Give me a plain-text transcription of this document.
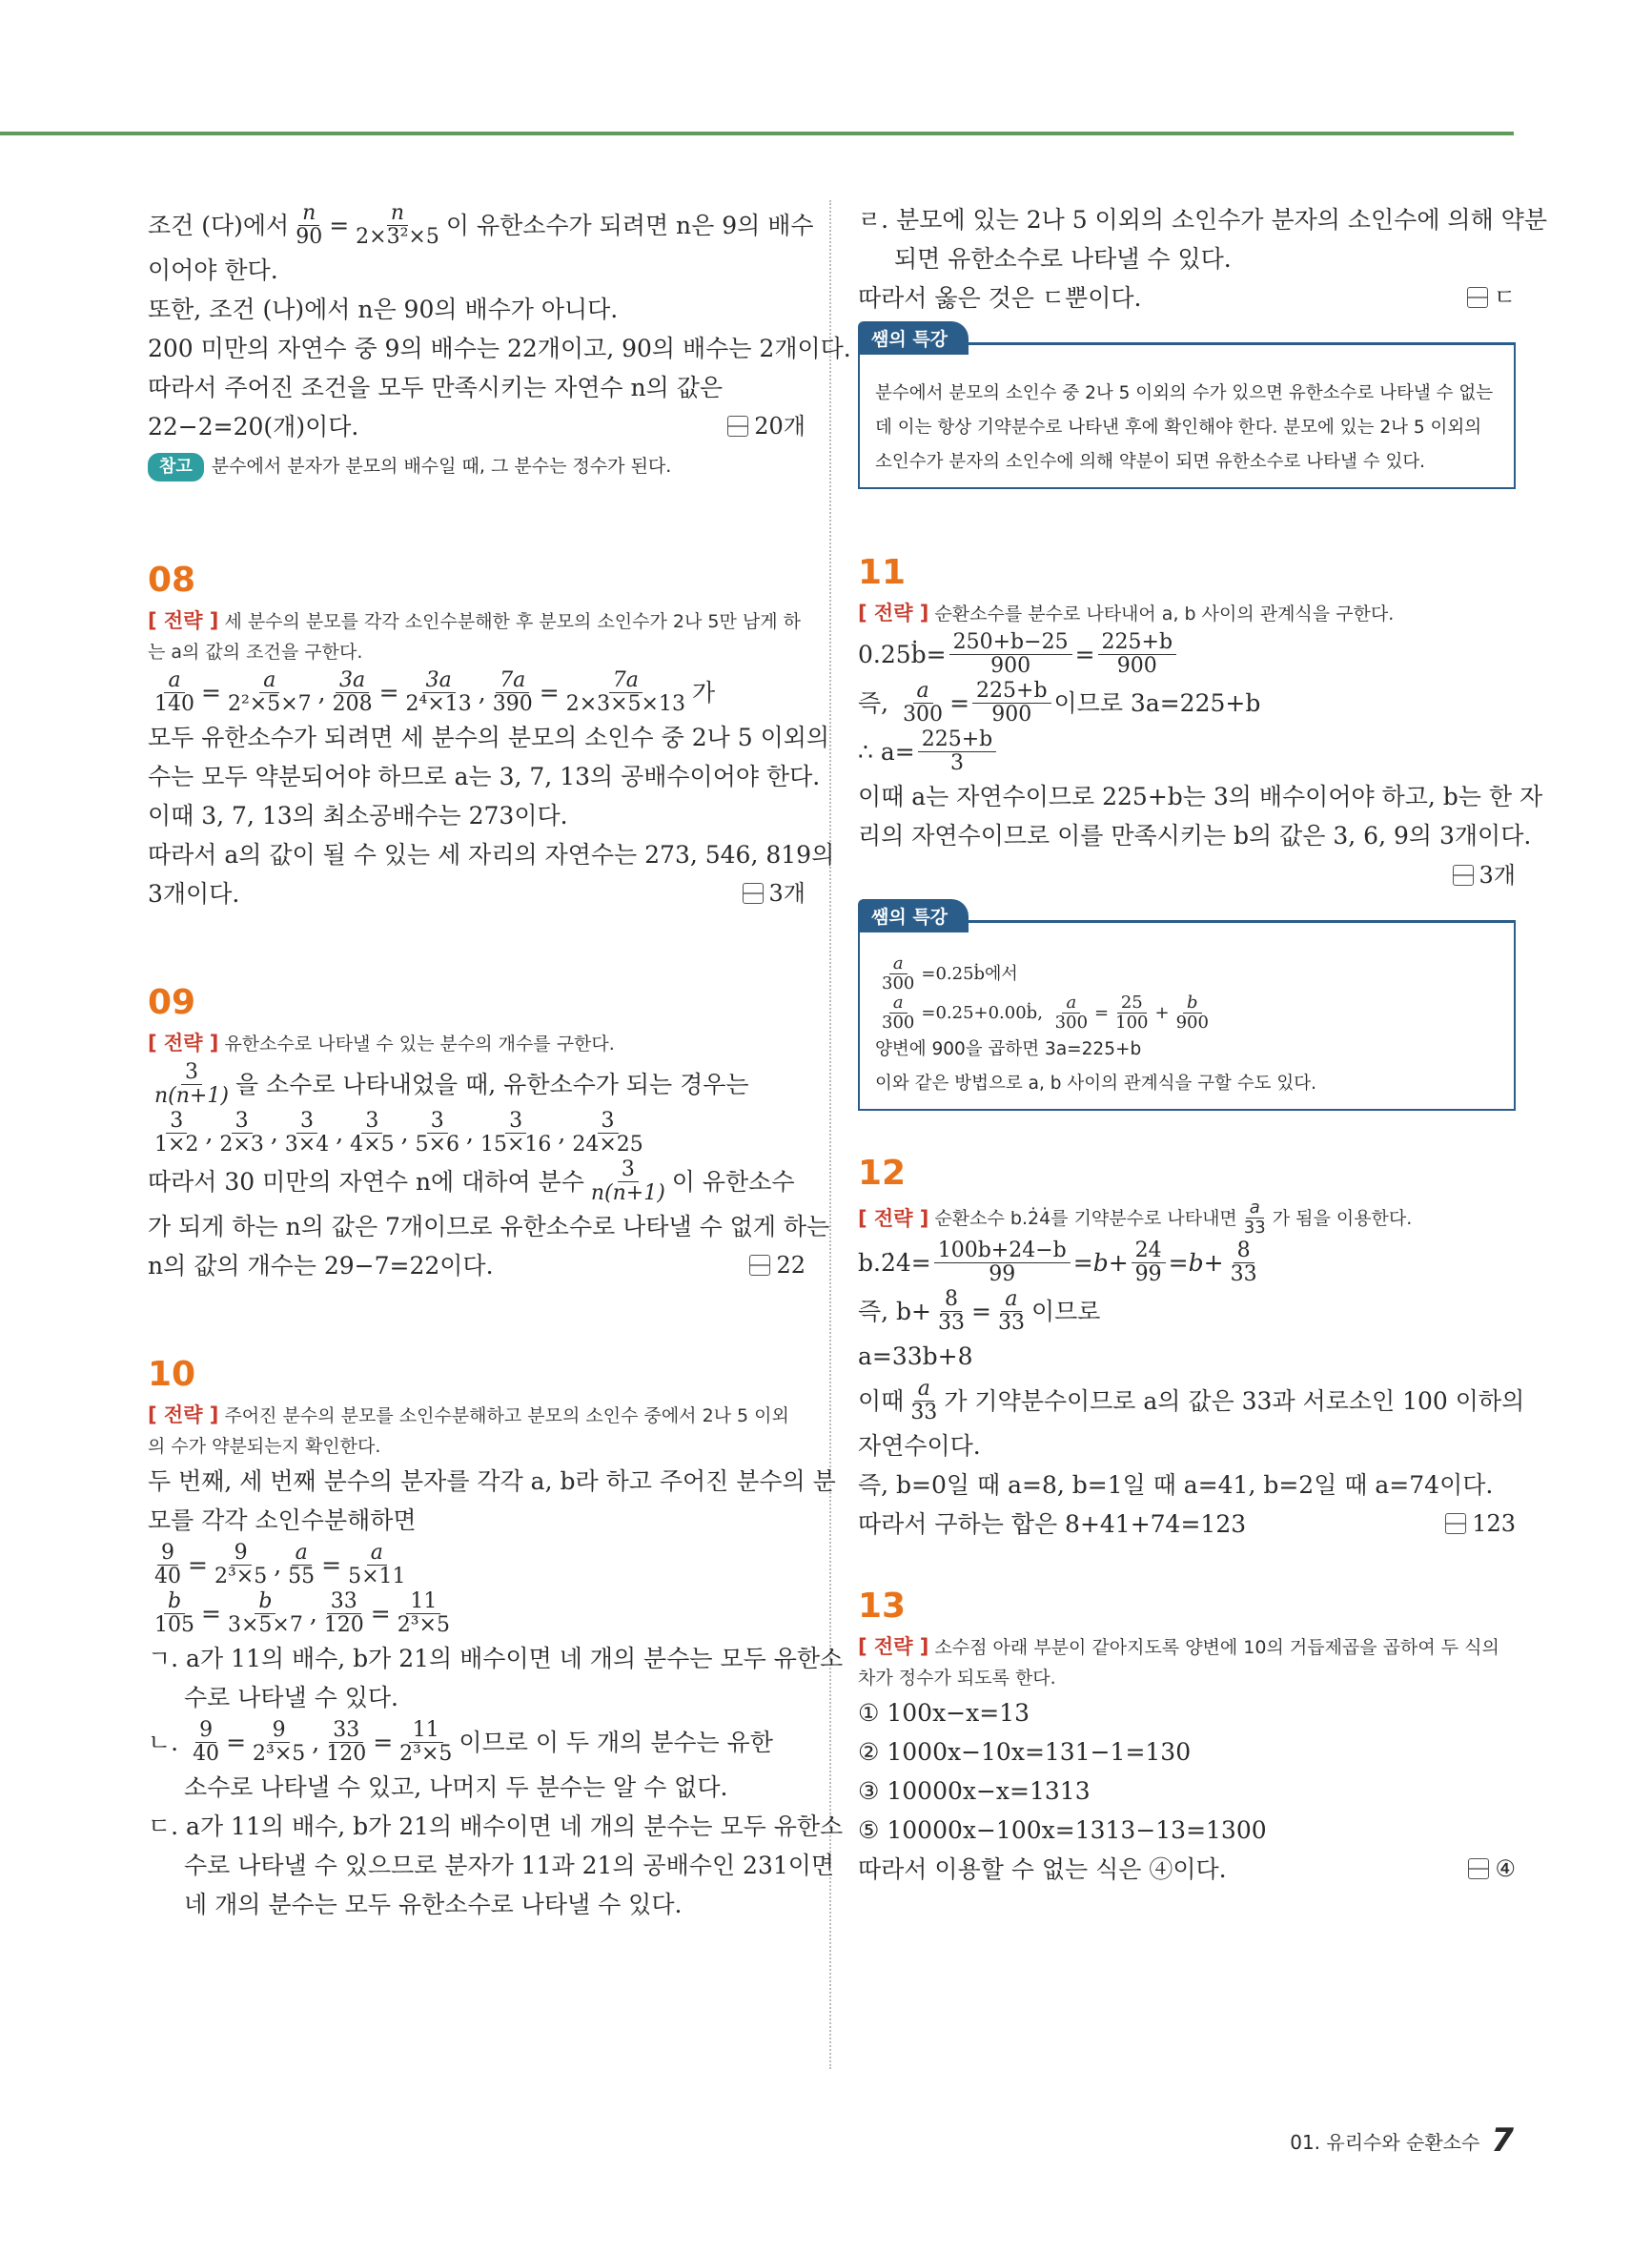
조건 (다)에서 $\frac{n}{90} = \frac{n}{\text{2×3²×5}}$ 이 유한소수가 되려면 n은 9의 배수

이어야 한다.

또한, 조건 (나)에서 n은 90의 배수가 아니다.

200 미만의 자연수 중 9의 배수는 22개이고, 90의 배수는 2개이다.

따라서 주어진 조건을 모두 만족시키는 자연수 n의 값은

22−2=20(개)이다.	20개

참고 분수에서 분자가 분모의 배수일 때, 그 분수는 정수가 된다.
08

[ 전략 ] 세 분수의 분모를 각각 소인수분해한 후 분모의 소인수가 2나 5만 남게 하는 a의 값의 조건을 구한다.

$\frac{a}{140} = \frac{a}{\text{2²×5×7}}$ , $\frac{3a}{208} = \frac{3a}{\text{2⁴×13}}$ , $\frac{7a}{390} = \frac{7a}{2\times 3\times 5\times 13}$ 가

모두 유한소수가 되려면 세 분수의 분모의 소인수 중 2나 5 이외의

수는 모두 약분되어야 하므로 a는 3, 7, 13의 공배수이어야 한다.

이때 3, 7, 13의 최소공배수는 273이다.

따라서 a의 값이 될 수 있는 세 자리의 자연수는 273, 546, 819의

3개이다.	3개

09

[ 전략 ] 유한소수로 나타낼 수 있는 분수의 개수를 구한다.

$\frac{3}{n(n+1)}$ 을 소수로 나타내었을 때, 유한소수가 되는 경우는
$\frac{3}{1\times 2}$ , $\frac{3}{2\times 3}$ , $\frac{3}{3\times 4}$ , $\frac{3}{4\times 5}$ , $\frac{3}{5\times 6}$ , $\frac{3}{15\times 16}$ , $\frac{3}{24\times 25}$
따라서 30 미만의 자연수 n에 대하여 분수 $\frac{3}{n(n+1)}$ 이 유한소수

가 되게 하는 n의 값은 7개이므로 유한소수로 나타낼 수 없게 하는

n의 값의 개수는 29−7=22이다.	22

10

[ 전략 ] 주어진 분수의 분모를 소인수분해하고 분모의 소인수 중에서 2나 5 이외의 수가 약분되는지 확인한다.

두 번째, 세 번째 분수의 분자를 각각 a, b라 하고 주어진 분수의 분

모를 각각 소인수분해하면

$\frac{9}{40} = \frac{9}{\text{2³×5}}$ , $\frac{a}{55} = \frac{a}{5\times 11}$
$\frac{b}{105} = \frac{b}{3\times 5\times 7}$ , $\frac{33}{120} = \frac{11}{\text{2³×5}}$

ㄱ. a가 11의 배수, b가 21의 배수이면 네 개의 분수는 모두 유한소

수로 나타낼 수 있다.

ㄴ.
$\frac{9}{40} = \frac{9}{\text{2³×5}}$ , $\frac{33}{120} = \frac{11}{\text{2³×5}}$ 이므로 이 두 개의 분수는 유한

소수로 나타낼 수 있고, 나머지 두 분수는 알 수 없다.

ㄷ. a가 11의 배수, b가 21의 배수이면 네 개의 분수는 모두 유한소

수로 나타낼 수 있으므로 분자가 11과 21의 공배수인 231이면

네 개의 분수는 모두 유한소수로 나타낼 수 있다.

ㄹ. 분모에 있는 2나 5 이외의 소인수가 분자의 소인수에 의해 약분

되면 유한소수로 나타낼 수 있다.

따라서 옳은 것은 ㄷ뿐이다.	ㄷ

쌤의 특강

분수에서 분모의 소인수 중 2나 5 이외의 수가 있으면 유한소수로 나타낼 수 없는데 이는 항상 기약분수로 나타낸 후에 확인해야 한다. 분모에 있는 2나 5 이외의 소인수가 분자의 소인수에 의해 약분이 되면 유한소수로 나타낼 수 있다.

11

[ 전략 ] 순환소수를 분수로 나타내어 a, b 사이의 관계식을 구한다.

0.25ḃ= $\frac{250+b-25}{900} = \frac{225+b}{900}$
즉,
$\frac{a}{300} = \frac{225+b}{900}$ 이므로 3a=225+b
∴ $a= \frac{225+b}{3}$

이때 a는 자연수이므로 225+b는 3의 배수이어야 하고, b는 한 자

리의 자연수이므로 이를 만족시키는 b의 값은 3, 6, 9의 3개이다.

3개

쌤의 특강
$\frac{a}{300}$ =0.25ḃ에서
$\frac{a}{300}$ =0.25+0.00ḃ,
$\frac{a}{300} = \frac{25}{100} + \frac{b}{900}$

양변에 900을 곱하면 3a=225+b

이와 같은 방법으로 a, b 사이의 관계식을 구할 수도 있다.

12
[ 전략 ]
순환소수 b.2̇4̇를 기약분수로 나타내면 $\frac{a}{33}$ 가 됨을 이용한다.
b.2̇4̇= $\frac{100b+24-b}{99} = b + \frac{24}{99} = b + \frac{8}{33}$
즉, $b+ \frac{8}{33} = \frac{a}{33}$ 이므로

a=33b+8

이때 $\frac{a}{33}$ 가 기약분수이므로 a의 값은 33과 서로소인 100 이하의

자연수이다.

즉, b=0일 때 a=8, b=1일 때 a=41, b=2일 때 a=74이다.

따라서 구하는 합은 8+41+74=123	123

13

[ 전략 ] 소수점 아래 부분이 같아지도록 양변에 10의 거듭제곱을 곱하여 두 식의 차가 정수가 되도록 한다.

① 100x−x=13

② 1000x−10x=131−1=130

③ 10000x−x=1313

⑤ 10000x−100x=1313−13=1300

따라서 이용할 수 없는 식은 ④이다.	④

01. 유리수와 순환소수 7
